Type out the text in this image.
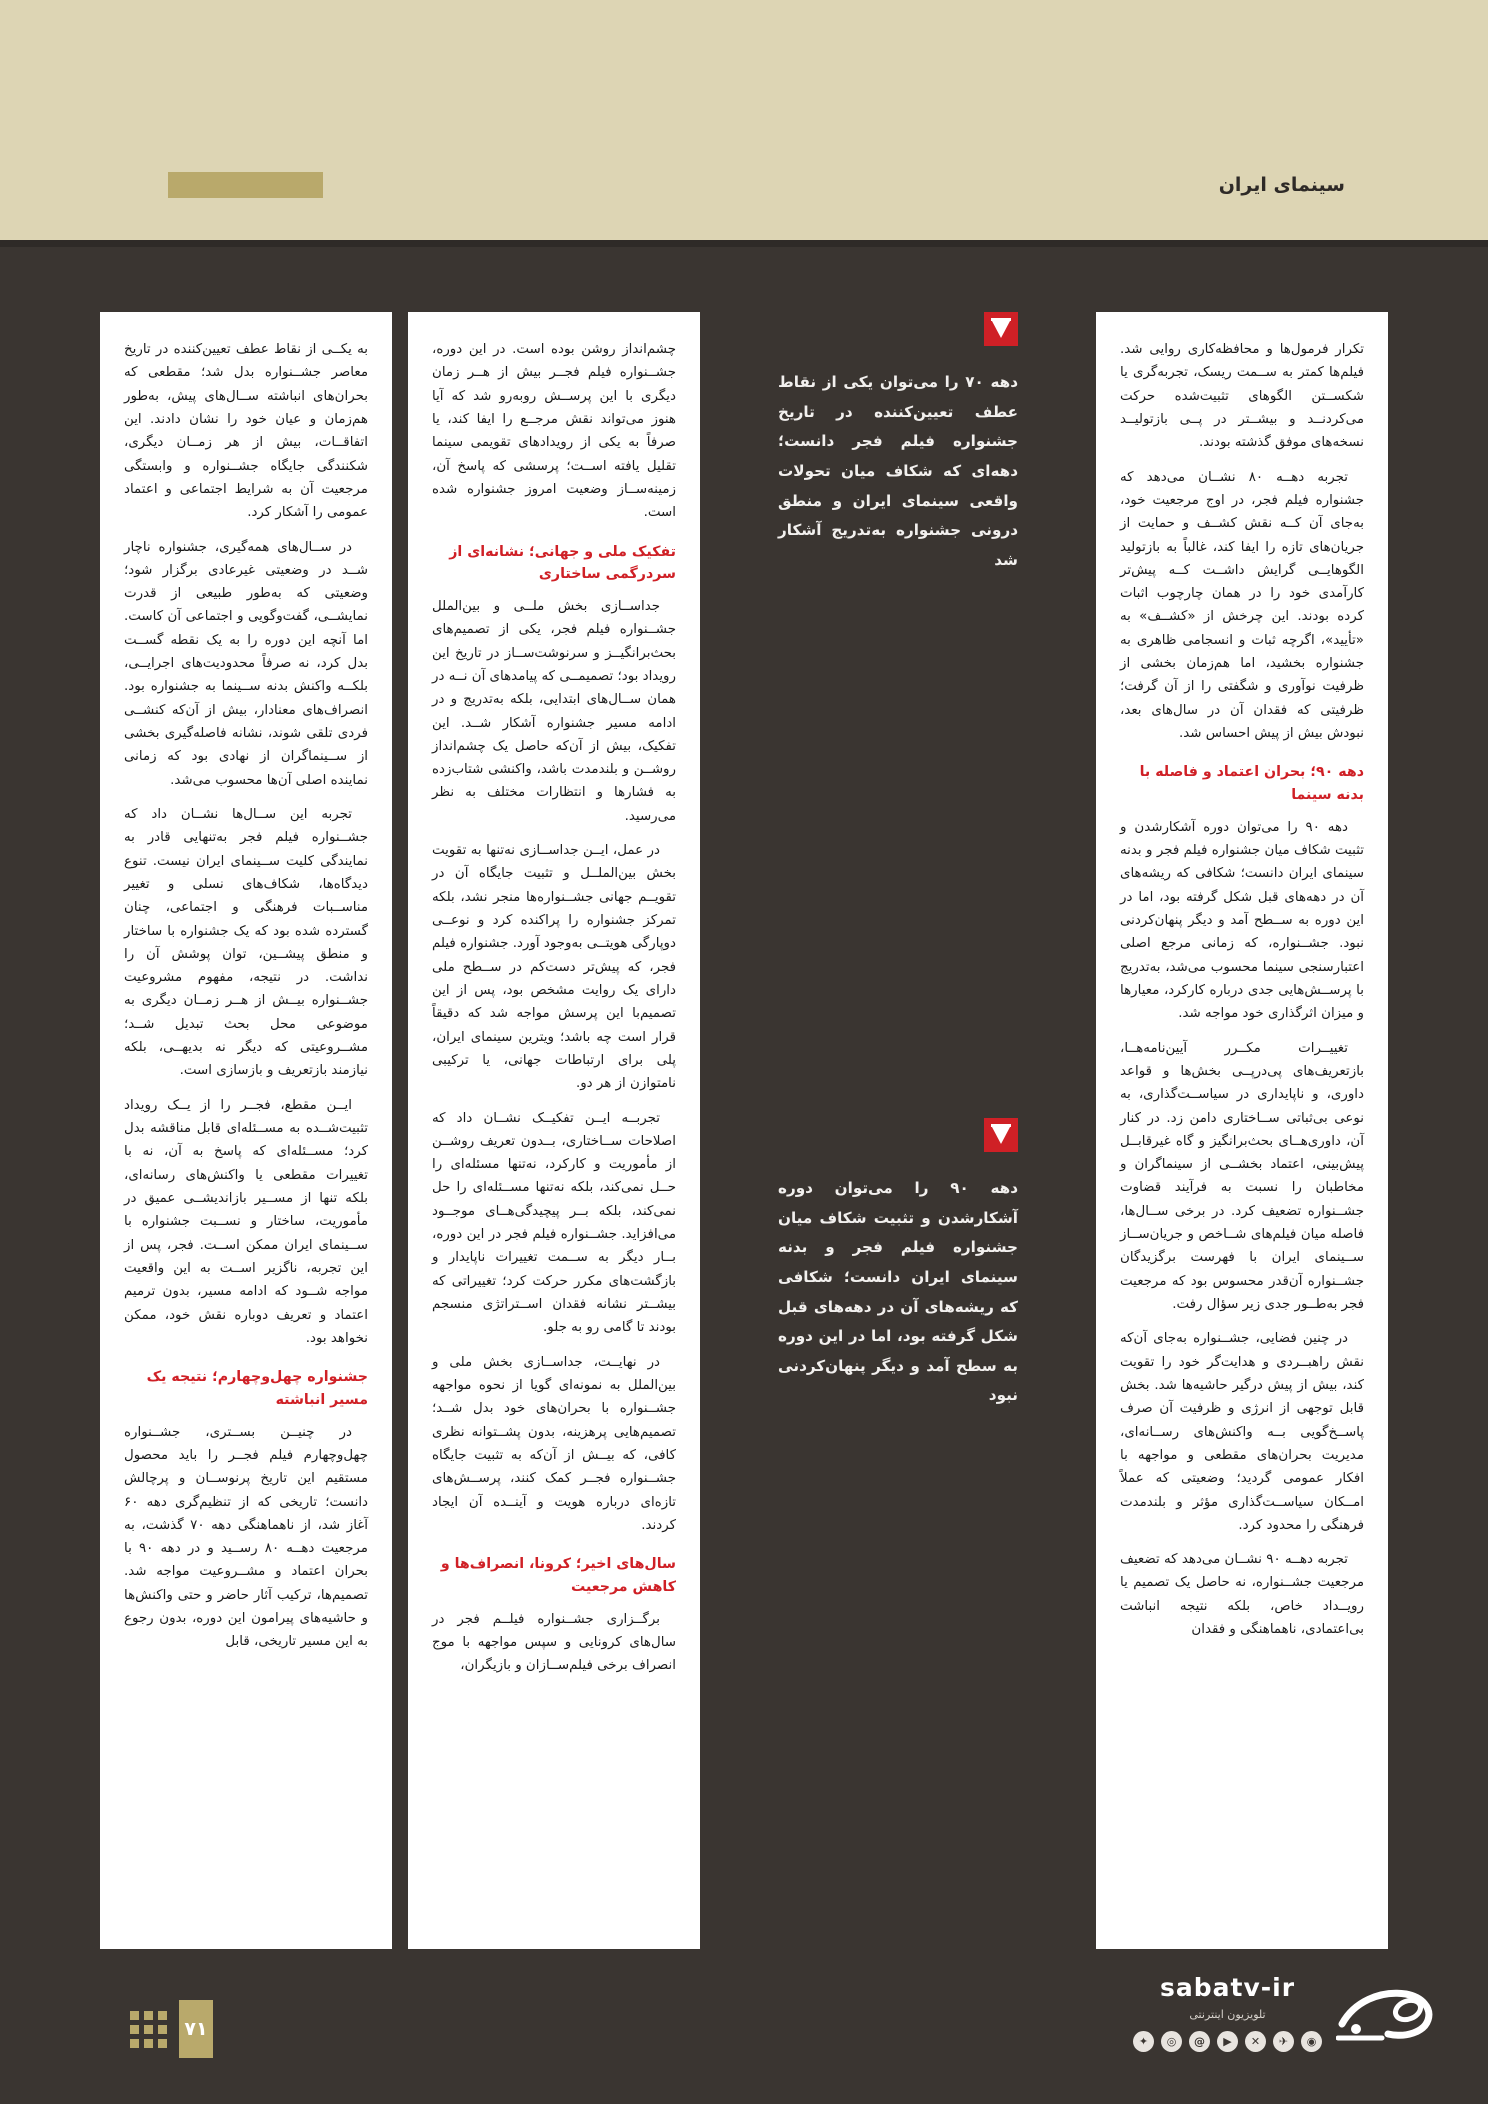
سینمای ایران

به یکــی از نقاط عطف تعیین‌کننده در تاریخ معاصر جشــنواره بدل شد؛ مقطعی که بحران‌های انباشته ســال‌های پیش، به‌طور هم‌زمان و عیان خود را نشان دادند. این اتفاقــات، بیش از هر زمــان دیگری، شکنندگی جایگاه جشــنواره و وابستگی مرجعیت آن به شرایط اجتماعی و اعتماد عمومی را آشکار کرد.

در ســال‌های همه‌گیری، جشنواره ناچار شــد در وضعیتی غیرعادی برگزار شود؛ وضعیتی که به‌طور طبیعی از قدرت نمایشــی، گفت‌وگویی و اجتماعی آن کاست. اما آنچه این دوره را به یک نقطه گســت بدل کرد، نه صرفاً محدودیت‌های اجرایــی، بلکــه واکنش بدنه ســینما به جشنواره بود. انصراف‌های معنادار، بیش از آن‌که کنشــی فردی تلقی شوند، نشانه فاصله‌گیری بخشی از ســینماگران از نهادی بود که زمانی نماینده اصلی آن‌ها محسوب می‌شد.

تجربه این ســال‌ها نشــان داد که جشــنواره فیلم فجر به‌تنهایی قادر به نمایندگی کلیت ســینمای ایران نیست. تنوع دیدگاه‌ها، شکاف‌های نسلی و تغییر مناســبات فرهنگی و اجتماعی، چنان گسترده شده بود که یک جشنواره با ساختار و منطق پیشــین، توان پوشش آن را نداشت. در نتیجه، مفهوم مشروعیت جشــنواره بیــش از هــر زمــان دیگری به موضوعی محل بحث تبدیل شــد؛ مشــروعیتی که دیگر نه بدیهــی، بلکه نیازمند بازتعریف و بازسازی است.

ایــن مقطع، فجــر را از یــک رویداد تثبیت‌شــده به مســئله‌ای قابل مناقشه بدل کرد؛ مســئله‌ای که پاسخ به آن، نه با تغییرات مقطعی یا واکنش‌های رسانه‌ای، بلکه تنها از مســیر بازاندیشــی عمیق در مأموریت، ساختار و نســبت جشنواره با ســینمای ایران ممکن اســت. فجر، پس از این تجربه، ناگزیر اســت به این واقعیت مواجه شــود که ادامه مسیر، بدون ترمیم اعتماد و تعریف دوباره نقش خود، ممکن نخواهد بود.

جشنواره چهل‌وچهارم؛ نتیجه یک مسیر انباشته

در چنیــن بســتری، جشــنواره چهل‌وچهارم فیلم فجــر را باید محصول مستقیم این تاریخ پرنوســان و پرچالش دانست؛ تاریخی که از تنظیم‌گری دهه ۶۰ آغاز شد، از ناهماهنگی دهه ۷۰ گذشت، به مرجعیت دهــه ۸۰ رســید و در دهه ۹۰ با بحران اعتماد و مشــروعیت مواجه شد. تصمیم‌ها، ترکیب آثار حاضر و حتی واکنش‌ها و حاشیه‌های پیرامون این دوره، بدون رجوع به این مسیر تاریخی، قابل

دهه ۷۰ را می‌توان یکی از نقاط عطف تعیین‌کننده در تاریخ جشنواره فیلم فجر دانست؛ دهه‌ای که شکاف میان تحولات واقعی سینمای ایران و منطق درونی جشنواره به‌تدریج آشکار شد
دهه ۹۰ را می‌توان دوره آشکارشدن و تثبیت شکاف میان جشنواره فیلم فجر و بدنه سینمای ایران دانست؛ شکافی که ریشه‌های آن در دهه‌های قبل شکل گرفته بود، اما در این دوره به سطح آمد و دیگر پنهان‌کردنی نبود

چشم‌انداز روشن بوده است. در این دوره، جشــنواره فیلم فجــر بیش از هــر زمان دیگری با این پرســش روبه‌رو شد که آیا هنوز می‌تواند نقش مرجــع را ایفا کند، یا صرفاً به یکی از رویدادهای تقویمی سینما تقلیل یافته اســت؛ پرسشی که پاسخ آن، زمینه‌ســاز وضعیت امروز جشنواره شده است.

تفکیک ملی و جهانی؛ نشانه‌ای از سردرگمی ساختاری

جداســازی بخش ملــی و بین‌الملل جشــنواره فیلم فجر، یکی از تصمیم‌های بحث‌برانگیــز و سرنوشت‌ســاز در تاریخ این رویداد بود؛ تصمیمــی که پیامدهای آن نــه در همان ســال‌های ابتدایی، بلکه به‌تدریج و در ادامه مسیر جشنواره آشکار شــد. این تفکیک، بیش از آن‌که حاصل یک چشم‌انداز روشــن و بلندمدت باشد، واکنشی شتاب‌زده به فشارها و انتظارات مختلف به نظر می‌رسید.

در عمل، ایــن جداســازی نه‌تنها به تقویت بخش بین‌الملــل و تثبیت جایگاه آن در تقویــم جهانی جشــنواره‌ها منجر نشد، بلکه تمرکز جشنواره را پراکنده کرد و نوعــی دوپارگی هویتــی به‌وجود آورد. جشنواره فیلم فجر، که پیش‌تر دست‌کم در ســطح ملی دارای یک روایت مشخص بود، پس از این تصمیم‌با این پرسش مواجه شد که دقیقاً قرار است چه باشد؛ ویترین سینمای ایران، پلی برای ارتباطات جهانی، یا ترکیبی نامتوازن از هر دو.

تجربــه ایــن تفکیــک نشــان داد که اصلاحات ســاختاری، بــدون تعریف روشــن از مأموریت و کارکرد، نه‌تنها مسئله‌ای را حــل نمی‌کند، بلکه نه‌تنها مســئله‌ای را حل نمی‌کند، بلکه بــر پیچیدگی‌هــای موجــود می‌افزاید. جشــنواره فیلم فجر در این دوره، بــار دیگر به ســمت تغییرات ناپایدار و بازگشت‌های مکرر حرکت کرد؛ تغییراتی که بیشــتر نشانه فقدان اســتراتژی منسجم بودند تا گامی رو به جلو.

در نهایــت، جداســازی بخش ملی و بین‌الملل به نمونه‌ای گویا از نحوه مواجهه جشــنواره با بحران‌های خود بدل شــد؛ تصمیم‌هایی پرهزینه، بدون پشــتوانه نظری کافی، که بیــش از آن‌که به تثبیت جایگاه جشــنواره فجــر کمک کنند، پرســش‌های تازه‌ای درباره هویت و آینــده آن ایجاد کردند.

سال‌های اخیر؛ کرونا، انصراف‌ها و کاهش مرجعیت

برگــزاری جشــنواره فیلــم فجر در سال‌های کرونایی و سپس مواجهه با موج انصراف برخی فیلم‌ســازان و بازیگران،

تکرار فرمول‌ها و محافظه‌کاری روایی شد. فیلم‌ها کمتر به ســمت ریسک، تجربه‌گری یا شکســتن الگوهای تثبیت‌شده حرکت می‌کردنــد و بیشــتر در پــی بازتولیــد نسخه‌های موفق گذشته بودند.

تجربه دهــه ۸۰ نشــان می‌دهد که جشنواره فیلم فجر، در اوج مرجعیت خود، به‌جای آن کــه نقش کشــف و حمایت از جریان‌های تازه را ایفا کند، غالباً به بازتولید الگوهایــی گرایش داشــت کــه پیش‌تر کارآمدی خود را در همان چارچوب اثبات کرده بودند. این چرخش از «کشــف» به «تأیید»، اگرچه ثبات و انسجامی ظاهری به جشنواره بخشید، اما هم‌زمان بخشی از ظرفیت نوآوری و شگفتی را از آن گرفت؛ ظرفیتی که فقدان آن در سال‌های بعد، نبودش بیش از پیش احساس شد.

دهه ۹۰؛ بحران اعتماد و فاصله با بدنه سینما

دهه ۹۰ را می‌توان دوره آشکارشدن و تثبیت شکاف میان جشنواره فیلم فجر و بدنه سینمای ایران دانست؛ شکافی که ریشه‌های آن در دهه‌های قبل شکل گرفته بود، اما در این دوره به ســطح آمد و دیگر پنهان‌کردنی نبود. جشــنواره، که زمانی مرجع اصلی اعتبارسنجی سینما محسوب می‌شد، به‌تدریج با پرســش‌هایی جدی درباره کارکرد، معیارها و میزان اثرگذاری خود مواجه شد.

تغییــرات مکــرر آیین‌نامه‌هــا، بازتعریف‌های پی‌درپــی بخش‌ها و قواعد داوری، و ناپایداری در سیاســت‌گذاری، به نوعی بی‌ثباتی ســاختاری دامن زد. در کنار آن، داوری‌هــای بحث‌برانگیز و گاه غیرقابــل پیش‌بینی، اعتماد بخشــی از سینماگران و مخاطبان را نسبت به فرآیند قضاوت جشــنواره تضعیف کرد. در برخی ســال‌ها، فاصله میان فیلم‌های شــاخص و جریان‌ســاز ســینمای ایران با فهرست برگزیدگان جشــنواره آن‌قدر محسوس بود که مرجعیت فجر به‌طــور جدی زیر سؤال رفت.

در چنین فضایی، جشــنواره به‌جای آن‌که نقش راهبــردی و هدایت‌گر خود را تقویت کند، بیش از پیش درگیر حاشیه‌ها شد. بخش قابل توجهی از انرژی و ظرفیت آن صرف پاســخ‌گویی بــه واکنش‌های رســانه‌ای، مدیریت بحران‌های مقطعی و مواجهه با افکار عمومی گردید؛ وضعیتی که عملاً امــکان سیاســت‌گذاری مؤثر و بلندمدت فرهنگی را محدود کرد.

تجربه دهــه ۹۰ نشــان می‌دهد که تضعیف مرجعیت جشــنواره، نه حاصل یک تصمیم یا رویــداد خاص، بلکه نتیجه انباشت بی‌اعتمادی، ناهماهنگی و فقدان

sabatv-ir
تلویزیون اینترنتی
◉
✈
✕
▶
@
◎
✦
۷۱
